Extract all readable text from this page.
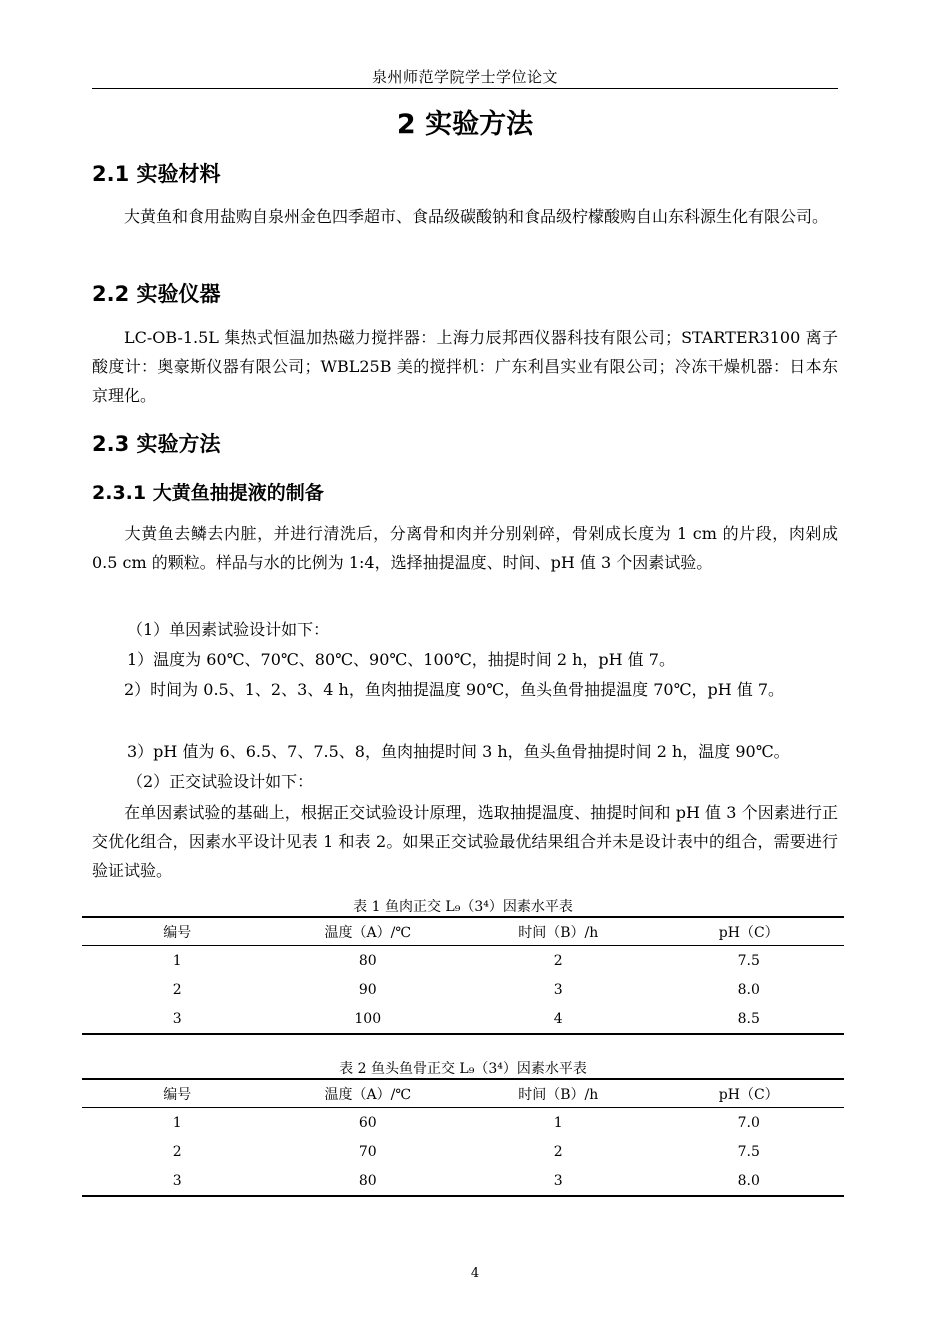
泉州师范学院学士学位论文
2 实验方法
2.1 实验材料

大黄鱼和食用盐购自泉州金色四季超市、食品级碳酸钠和食品级柠檬酸购自山东科源生化有限公司。

2.2 实验仪器

LC-OB-1.5L 集热式恒温加热磁力搅拌器：上海力辰邦西仪器科技有限公司；STARTER3100 离子酸度计：奥豪斯仪器有限公司；WBL25B 美的搅拌机：广东利昌实业有限公司；冷冻干燥机器：日本东京理化。

2.3 实验方法
2.3.1 大黄鱼抽提液的制备

大黄鱼去鳞去内脏，并进行清洗后，分离骨和肉并分别剁碎，骨剁成长度为 1 cm 的片段，肉剁成 0.5 cm 的颗粒。样品与水的比例为 1:4，选择抽提温度、时间、pH 值 3 个因素试验。

（1）单因素试验设计如下：
1）温度为 60℃、70℃、80℃、90℃、100℃，抽提时间 2 h，pH 值 7。

2）时间为 0.5、1、2、3、4 h，鱼肉抽提温度 90℃，鱼头鱼骨抽提温度 70℃，pH 值 7。

3）pH 值为 6、6.5、7、7.5、8，鱼肉抽提时间 3 h，鱼头鱼骨抽提时间 2 h，温度 90℃。
（2）正交试验设计如下：

在单因素试验的基础上，根据正交试验设计原理，选取抽提温度、抽提时间和 pH 值 3 个因素进行正交优化组合，因素水平设计见表 1 和表 2。如果正交试验最优结果组合并未是设计表中的组合，需要进行验证试验。

表 1 鱼肉正交 L₉（3⁴）因素水平表
编号	温度（A）/℃	时间（B）/h	pH（C）
1	80	2	7.5
2	90	3	8.0
3	100	4	8.5
表 2 鱼头鱼骨正交 L₉（3⁴）因素水平表
编号	温度（A）/℃	时间（B）/h	pH（C）
1	60	1	7.0
2	70	2	7.5
3	80	3	8.0
4
